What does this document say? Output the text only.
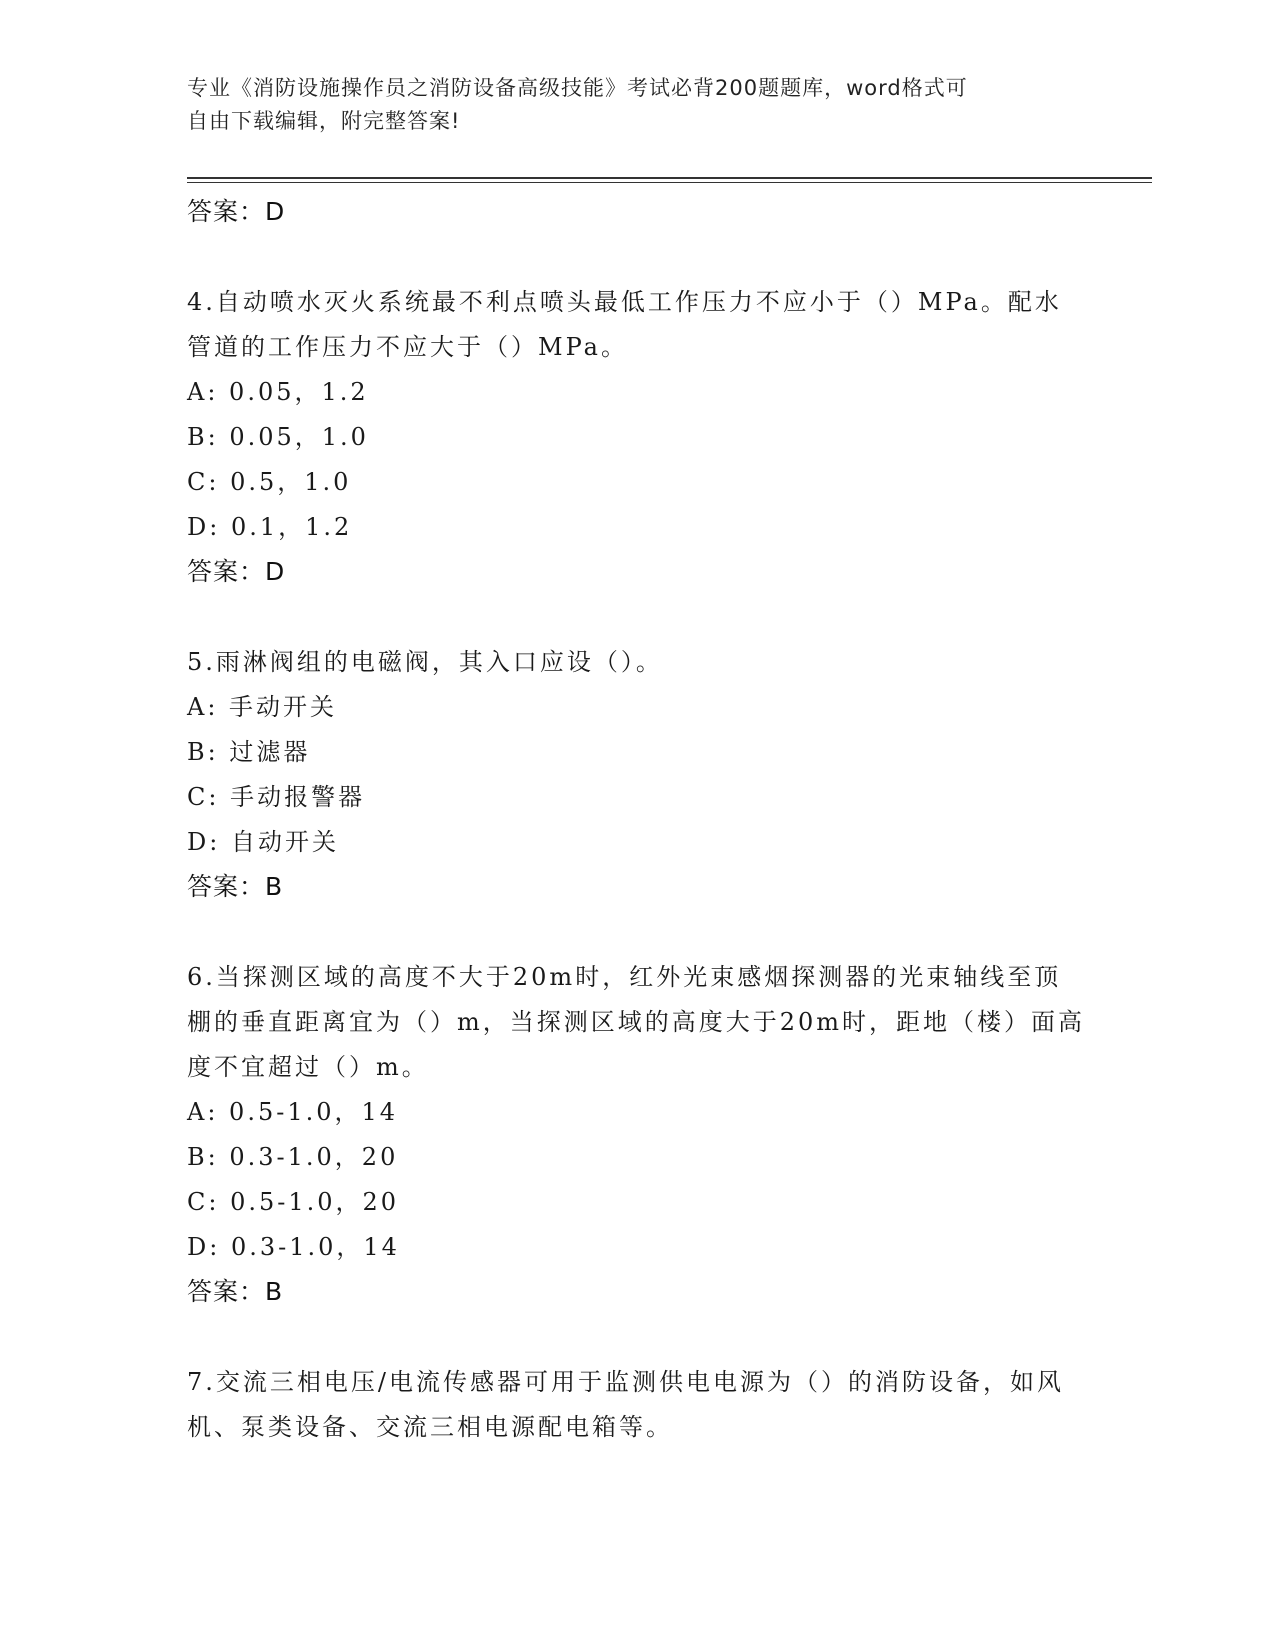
专业《消防设施操作员之消防设备高级技能》考试必背200题题库，word格式可
自由下载编辑，附完整答案!
答案：D
4.自动喷水灭火系统最不利点喷头最低工作压力不应小于（）MPa。配水管道的工作压力不应大于（）MPa。
A: 0.05，1.2
B: 0.05，1.0
C: 0.5，1.0
D: 0.1，1.2
答案：D
5.雨淋阀组的电磁阀，其入口应设（）。
A: 手动开关
B: 过滤器
C: 手动报警器
D: 自动开关
答案：B
6.当探测区域的高度不大于20m时，红外光束感烟探测器的光束轴线至顶棚的垂直距离宜为（）m，当探测区域的高度大于20m时，距地（楼）面高度不宜超过（）m。
A: 0.5-1.0，14
B: 0.3-1.0，20
C: 0.5-1.0，20
D: 0.3-1.0，14
答案：B
7.交流三相电压/电流传感器可用于监测供电电源为（）的消防设备，如风机、泵类设备、交流三相电源配电箱等。
